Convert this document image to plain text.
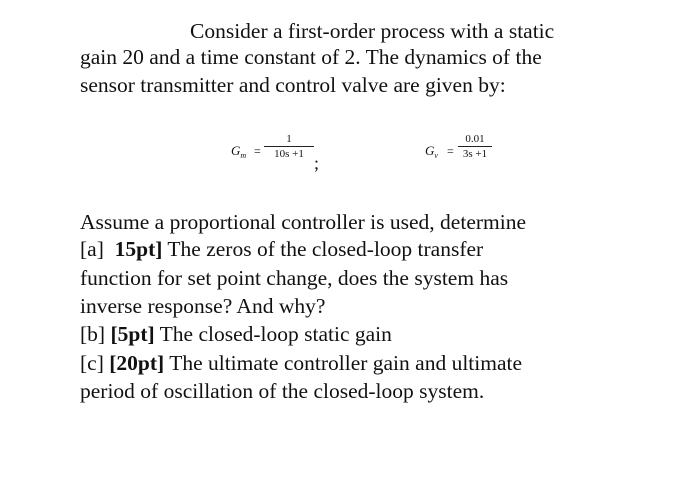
Consider a first-order process with a static
gain 20 and a time constant of 2. The dynamics of the
sensor transmitter and control valve are given by:
$G_m$ =
1
10s +1 ;
$G_v$ =
0.01
3s +1
Assume a proportional controller is used, determine
[a] 15pt] The zeros of the closed-loop transfer
function for set point change, does the system has
inverse response? And why?
[b] [5pt] The closed-loop static gain
[c] [20pt] The ultimate controller gain and ultimate
period of oscillation of the closed-loop system.
